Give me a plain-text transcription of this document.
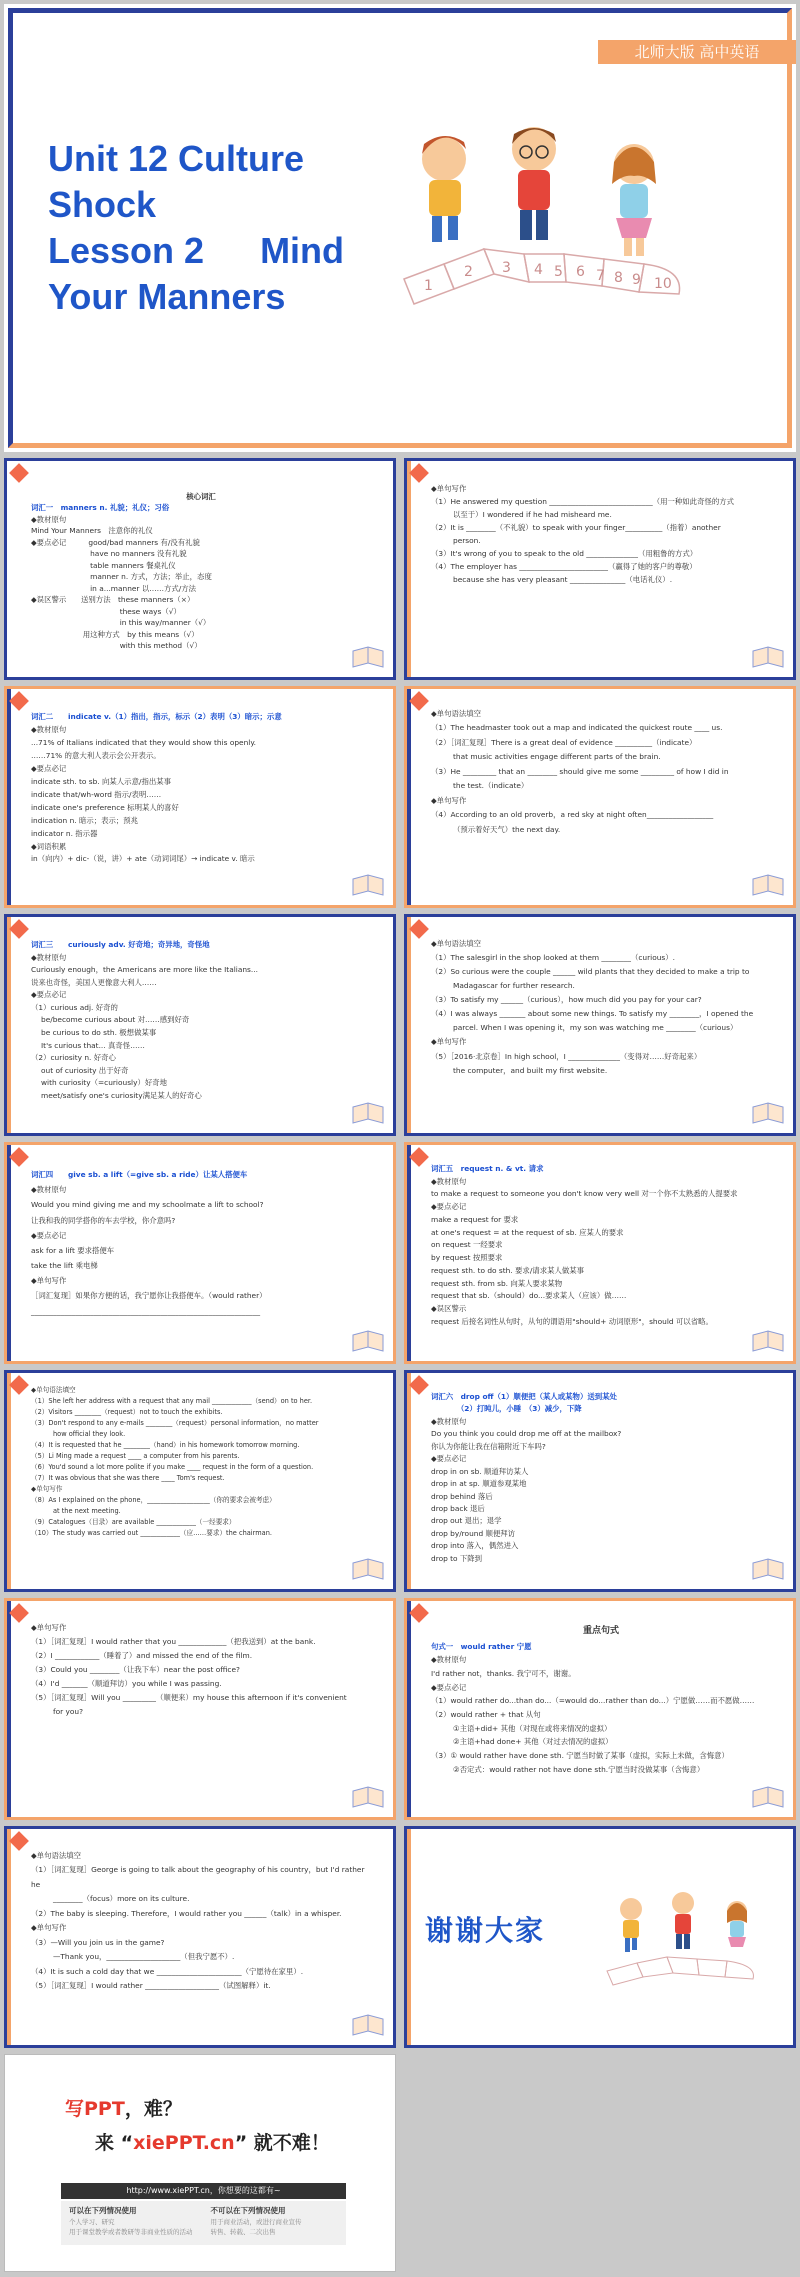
北师大版 高中英语
Unit 12 Culture
Shock
Lesson 2 　 Mind
Your Manners	1
2 3 4 5 6 7 8 9 10
核心词汇
词汇一　manners n. 礼貌；礼仪；习俗
◆教材原句
Mind Your Manners　注意你的礼仪
◆要点必记　　　good/bad manners 有/没有礼貌
　　　　　　　　have no manners 没有礼貌
　　　　　　　　table manners 餐桌礼仪
　　　　　　　　manner n. 方式，方法；举止，态度
　　　　　　　　in a...manner 以……方式/方法
◆误区警示　　送别方法　these manners（×）
　　　　　　　　　　　　these ways（√）
　　　　　　　　　　　　in this way/manner（√）
　　　　　　　用这种方式　by this means（√）
　　　　　　　　　　　　with this method（√）
◆单句写作
（1）He answered my question ____________________________（用一种如此奇怪的方式
以至于）I wondered if he had misheard me.
（2）It is ________（不礼貌）to speak with your finger__________（指着）another
person.
（3）It's wrong of you to speak to the old ______________（用粗鲁的方式）
（4）The employer has ________________________（赢得了她的客户的尊敬）
because she has very pleasant _______________（电话礼仪）.
词汇二　　indicate v.（1）指出，指示，标示（2）表明（3）暗示；示意
◆教材原句
...71% of Italians indicated that they would show this openly.
……71% 的意大利人表示会公开表示。
◆要点必记
indicate sth. to sb. 向某人示意/指出某事
indicate that/wh-word 指示/表明……
indicate one's preference 标明某人的喜好
indication n. 暗示；表示；预兆
indicator n. 指示器
◆词语积累
in（向内）+ dic-（说，讲）+ ate（动词词尾）→ indicate v. 暗示
◆单句语法填空
（1）The headmaster took out a map and indicated the quickest route ____ us.
（2）［词汇复现］There is a great deal of evidence __________（indicate）
that music activities engage different parts of the brain.
（3）He _________ that an ________ should give me some _________ of how I did in
the test.（indicate）
◆单句写作
（4）According to an old proverb，a red sky at night often__________________
（预示着好天气）the next day.
词汇三　　curiously adv. 好奇地；奇异地，奇怪地
◆教材原句
Curiously enough，the Americans are more like the Italians...
说来也奇怪，美国人更像意大利人……
◆要点必记
（1）curious adj. 好奇的
be/become curious about 对……感到好奇
be curious to do sth. 极想做某事
It's curious that... 真奇怪……
（2）curiosity n. 好奇心
out of curiosity 出于好奇
with curiosity（=curiously）好奇地
meet/satisfy one's curiosity满足某人的好奇心
◆单句语法填空
（1）The salesgirl in the shop looked at them ________（curious）.
（2）So curious were the couple ______ wild plants that they decided to make a trip to
Madagascar for further research.
（3）To satisfy my ______（curious），how much did you pay for your car?
（4）I was always _______ about some new things. To satisfy my ________，I opened the
parcel. When I was opening it，my son was watching me ________（curious）
◆单句写作
（5）［2016·北京卷］In high school，I ______________（变得对……好奇起来）
the computer，and built my first website.
词汇四　　give sb. a lift（=give sb. a ride）让某人搭便车
◆教材原句
Would you mind giving me and my schoolmate a lift to school?
让我和我的同学搭你的车去学校，你介意吗?
◆要点必记
ask for a lift 要求搭便车
take the lift 乘电梯
◆单句写作
［词汇复现］如果你方便的话，我宁愿你让我搭便车。（would rather）
______________________________________________________________
词汇五　request n. & vt. 请求
◆教材原句
to make a request to someone you don't know very well 对一个你不太熟悉的人提要求
◆要点必记
make a request for 要求
at one's request = at the request of sb. 应某人的要求
on request 一经要求
by request 按照要求
request sth. to do sth. 要求/请求某人做某事
request sth. from sb. 向某人要求某物
request that sb.（should）do...要求某人（应该）做……
◆误区警示
request 后接名词性从句时，从句的谓语用"should+ 动词原形"，should 可以省略。
◆单句语法填空
（1）She left her address with a request that any mail ____________（send）on to her.
（2）Visitors ________（request）not to touch the exhibits.
（3）Don't respond to any e-mails ________（request）personal information，no matter
how official they look.
（4）It is requested that he ________（hand）in his homework tomorrow morning.
（5）Li Ming made a request ____ a computer from his parents.
（6）You'd sound a lot more polite if you make ____ request in the form of a question.
（7）It was obvious that she was there ____ Tom's request.
◆单句写作
（8）As I explained on the phone，___________________（你的要求会被考虑）
at the next meeting.
（9）Catalogues（目录）are available ____________（一经要求）
（10）The study was carried out ____________（应……要求）the chairman.
词汇六　drop off（1）顺便把（某人或某物）送到某处
　　　　（2）打盹儿，小睡　（3）减少，下降
◆教材原句
Do you think you could drop me off at the mailbox?
你认为你能让我在信箱附近下车吗?
◆要点必记
drop in on sb. 顺道拜访某人
drop in at sp. 顺道参观某地
drop behind 落后
drop back 退后
drop out 退出；退学
drop by/round 顺便拜访
drop into 落入，偶然进入
drop to 下降到
◆单句写作
（1）［词汇复现］I would rather that you _____________（把我送到）at the bank.
（2）I ____________（睡着了）and missed the end of the film.
（3）Could you ________（让我下车）near the post office?
（4）I'd _______（顺道拜访）you while I was passing.
（5）［词汇复现］Will you _________（顺便来）my house this afternoon if it's convenient
for you?
重点句式
句式一　would rather 宁愿
◆教材原句
I'd rather not，thanks. 我宁可不，谢谢。
◆要点必记
（1）would rather do...than do...（=would do...rather than do...）宁愿做……而不愿做……
（2）would rather + that 从句
①主语+did+ 其他（对现在或将来情况的虚拟）
②主语+had done+ 其他（对过去情况的虚拟）
（3）① would rather have done sth. 宁愿当时做了某事（虚拟，实际上未做，含悔意）
②否定式：would rather not have done sth.宁愿当时没做某事（含悔意）
◆单句语法填空
（1）［词汇复现］George is going to talk about the geography of his country，but I'd rather he
________（focus）more on its culture.
（2）The baby is sleeping. Therefore，I would rather you ______（talk）in a whisper.
◆单句写作
（3）—Will you join us in the game?
—Thank you，____________________（但我宁愿不）.
（4）It is such a cold day that we _______________________（宁愿待在家里）.
（5）［词汇复现］I would rather ____________________（试图解释）it.
谢谢大家
写PPT，难？
来 “xiePPT.cn” 就不难！
http://www.xiePPT.cn，你想要的这都有~
可以在下列情况使用
个人学习、研究
用于课堂教学或者教研等非商业性质的活动
不可以在下列情况使用
用于商业活动，或进行商业宣传
转售、转载、二次出售
